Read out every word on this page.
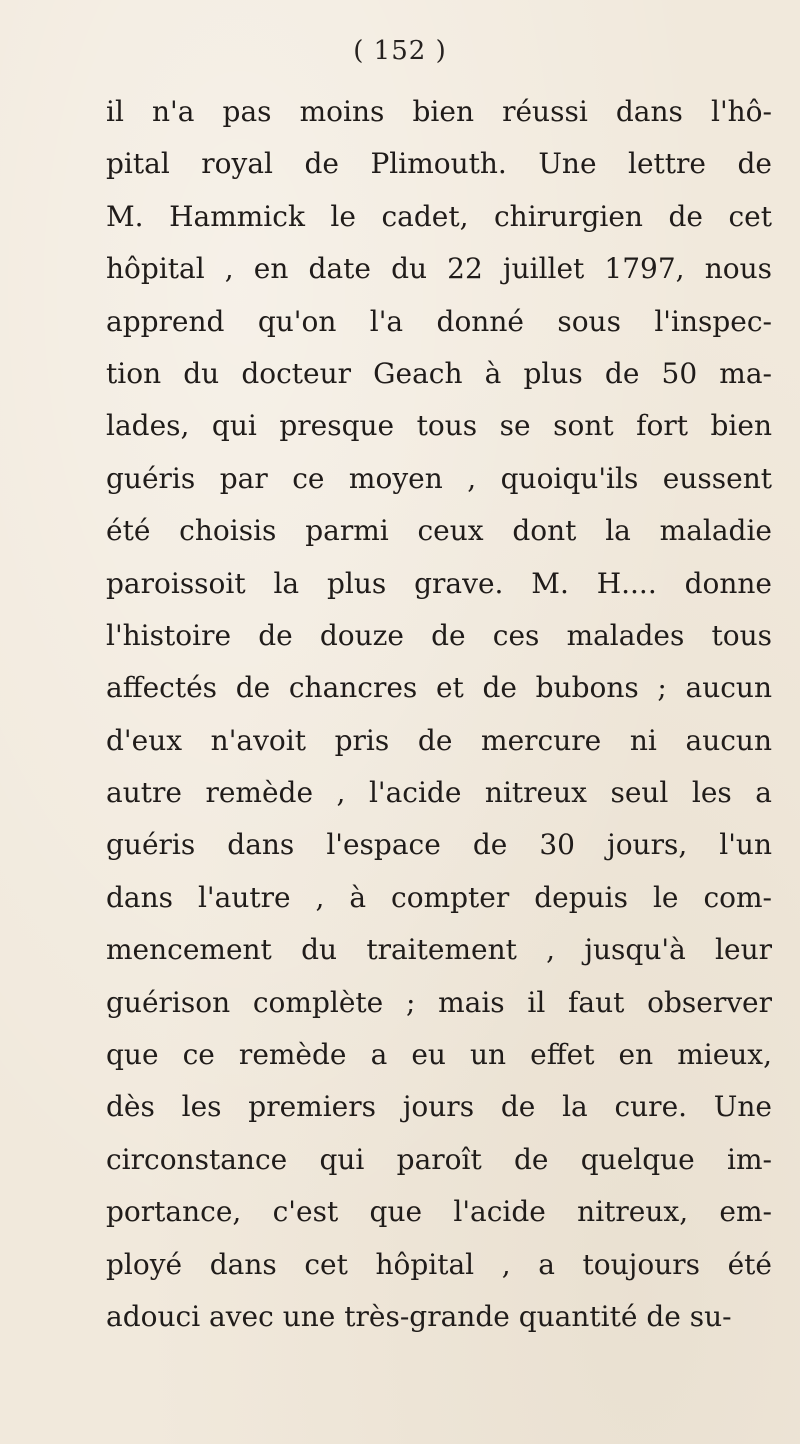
( 152 )
il n'a pas moins bien réussi dans l'hô-
pital royal de Plimouth. Une lettre de
M. Hammick le cadet, chirurgien de cet
hôpital , en date du 22 juillet 1797, nous
apprend qu'on l'a donné sous l'inspec-
tion du docteur Geach à plus de 50 ma-
lades, qui presque tous se sont fort bien
guéris par ce moyen , quoiqu'ils eussent
été choisis parmi ceux dont la maladie
paroissoit la plus grave. M. H.... donne
l'histoire de douze de ces malades tous
affectés de chancres et de bubons ; aucun
d'eux n'avoit pris de mercure ni aucun
autre remède , l'acide nitreux seul les a
guéris dans l'espace de 30 jours, l'un
dans l'autre , à compter depuis le com-
mencement du traitement , jusqu'à leur
guérison complète ; mais il faut observer
que ce remède a eu un effet en mieux,
dès les premiers jours de la cure. Une
circonstance qui paroît de quelque im-
portance, c'est que l'acide nitreux, em-
ployé dans cet hôpital , a toujours été
adouci avec une très-grande quantité de su-
